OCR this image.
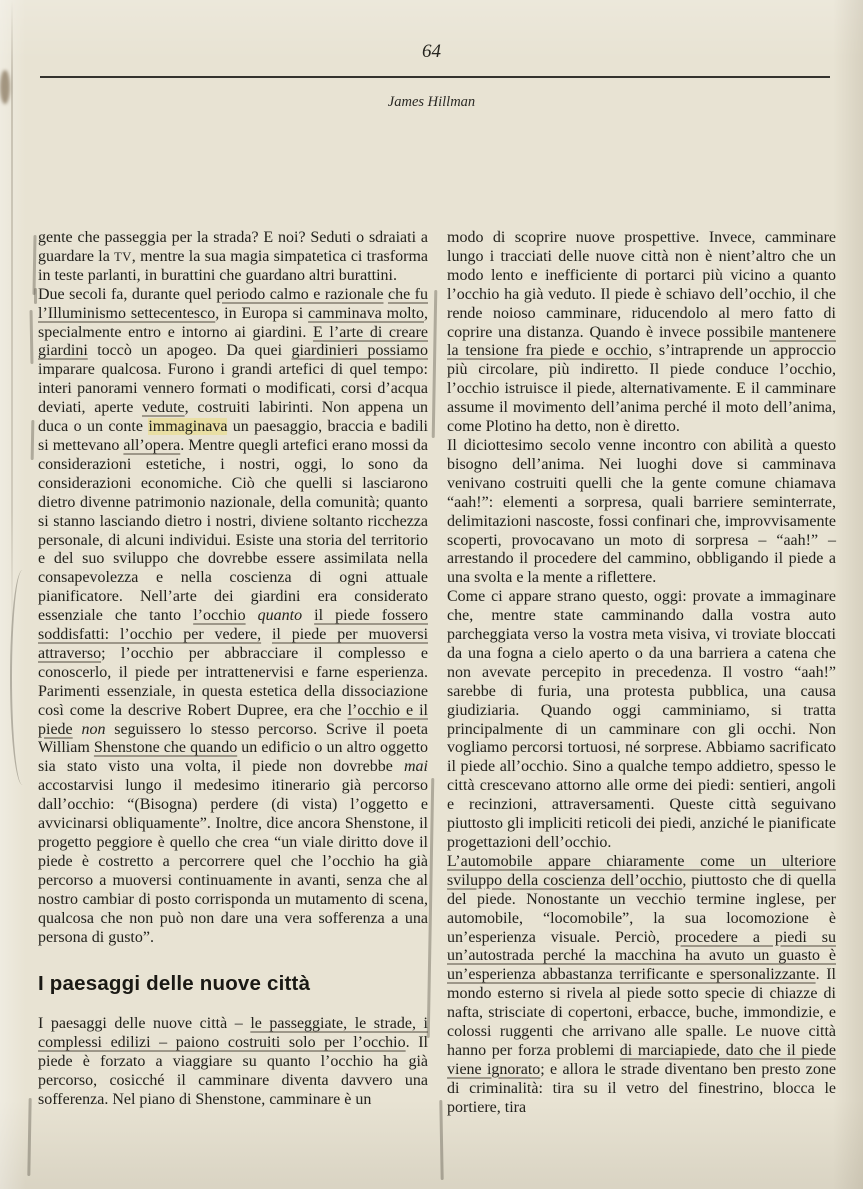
64
James Hillman

gente che passeggia per la strada? E noi? Seduti o sdraiati a guardare la TV, mentre la sua magia simpatetica ci trasforma in teste parlanti, in burattini che guardano altri burattini.

Due secoli fa, durante quel periodo calmo e razionale che fu l’Illuminismo settecentesco, in Europa si camminava molto, specialmente entro e intorno ai giardini. E l’arte di creare giardini toccò un apogeo. Da quei giardinieri possiamo imparare qualcosa. Furono i grandi artefici di quel tempo: interi panorami vennero formati o modificati, corsi d’acqua deviati, aperte vedute, costruiti labirinti. Non appena un duca o un conte immaginava un paesaggio, braccia e badili si mettevano all’opera. Mentre quegli artefici erano mossi da considerazioni estetiche, i nostri, oggi, lo sono da considerazioni economiche. Ciò che quelli si lasciarono dietro divenne patrimonio nazionale, della comunità; quanto si stanno lasciando dietro i nostri, diviene soltanto ricchezza personale, di alcuni individui. Esiste una storia del territorio e del suo sviluppo che dovrebbe essere assimilata nella consapevolezza e nella coscienza di ogni attuale pianificatore. Nell’arte dei giardini era considerato essenziale che tanto l’occhio quanto il piede fossero soddisfatti: l’occhio per vedere, il piede per muoversi attraverso; l’occhio per abbracciare il complesso e conoscerlo, il piede per intrattenervisi e farne esperienza. Parimenti essenziale, in questa estetica della dissociazione così come la descrive Robert Dupree, era che l’occhio e il piede non seguissero lo stesso percorso. Scrive il poeta William Shenstone che quando un edificio o un altro oggetto sia stato visto una volta, il piede non dovrebbe mai accostarvisi lungo il medesimo itinerario già percorso dall’occhio: “(Bisogna) perdere (di vista) l’oggetto e avvicinarsi obliquamente”. Inoltre, dice ancora Shenstone, il progetto peggiore è quello che crea “un viale diritto dove il piede è costretto a percorrere quel che l’occhio ha già percorso a muoversi continuamente in avanti, senza che al nostro cambiar di posto corrisponda un mutamento di scena, qualcosa che non può non dare una vera sofferenza a una persona di gusto”.

I paesaggi delle nuove città

I paesaggi delle nuove città – le passeggiate, le strade, i complessi edilizi – paiono costruiti solo per l’occhio. Il piede è forzato a viaggiare su quanto l’occhio ha già percorso, cosicché il camminare diventa davvero una sofferenza. Nel piano di Shenstone, camminare è un

modo di scoprire nuove prospettive. Invece, camminare lungo i tracciati delle nuove città non è nient’altro che un modo lento e inefficiente di portarci più vicino a quanto l’occhio ha già veduto. Il piede è schiavo dell’occhio, il che rende noioso camminare, riducendolo al mero fatto di coprire una distanza. Quando è invece possibile mantenere la tensione fra piede e occhio, s’intraprende un approccio più circolare, più indiretto. Il piede conduce l’occhio, l’occhio istruisce il piede, alternativamente. E il camminare assume il movimento dell’anima perché il moto dell’anima, come Plotino ha detto, non è diretto.

Il diciottesimo secolo venne incontro con abilità a questo bisogno dell’anima. Nei luoghi dove si camminava venivano costruiti quelli che la gente comune chiamava “aah!”: elementi a sorpresa, quali barriere seminterrate, delimitazioni nascoste, fossi confinari che, improvvisamente scoperti, provocavano un moto di sorpresa – “aah!” – arrestando il procedere del cammino, obbligando il piede a una svolta e la mente a riflettere.

Come ci appare strano questo, oggi: provate a immaginare che, mentre state camminando dalla vostra auto parcheggiata verso la vostra meta visiva, vi troviate bloccati da una fogna a cielo aperto o da una barriera a catena che non avevate percepito in precedenza. Il vostro “aah!” sarebbe di furia, una protesta pubblica, una causa giudiziaria. Quando oggi camminiamo, si tratta principalmente di un camminare con gli occhi. Non vogliamo percorsi tortuosi, né sorprese. Abbiamo sacrificato il piede all’occhio. Sino a qualche tempo addietro, spesso le città crescevano attorno alle orme dei piedi: sentieri, angoli e recinzioni, attraversamenti. Queste città seguivano piuttosto gli impliciti reticoli dei piedi, anziché le pianificate progettazioni dell’occhio.

L’automobile appare chiaramente come un ulteriore sviluppo della coscienza dell’occhio, piuttosto che di quella del piede. Nonostante un vecchio termine inglese, per automobile, “locomobile”, la sua locomozione è un’esperienza visuale. Perciò, procedere a piedi su un’autostrada perché la macchina ha avuto un guasto è un’esperienza abbastanza terrificante e spersonalizzante. Il mondo esterno si rivela al piede sotto specie di chiazze di nafta, strisciate di copertoni, erbacce, buche, immondizie, e colossi ruggenti che arrivano alle spalle. Le nuove città hanno per forza problemi di marciapiede, dato che il piede viene ignorato; e allora le strade diventano ben presto zone di criminalità: tira su il vetro del finestrino, blocca le portiere, tira
